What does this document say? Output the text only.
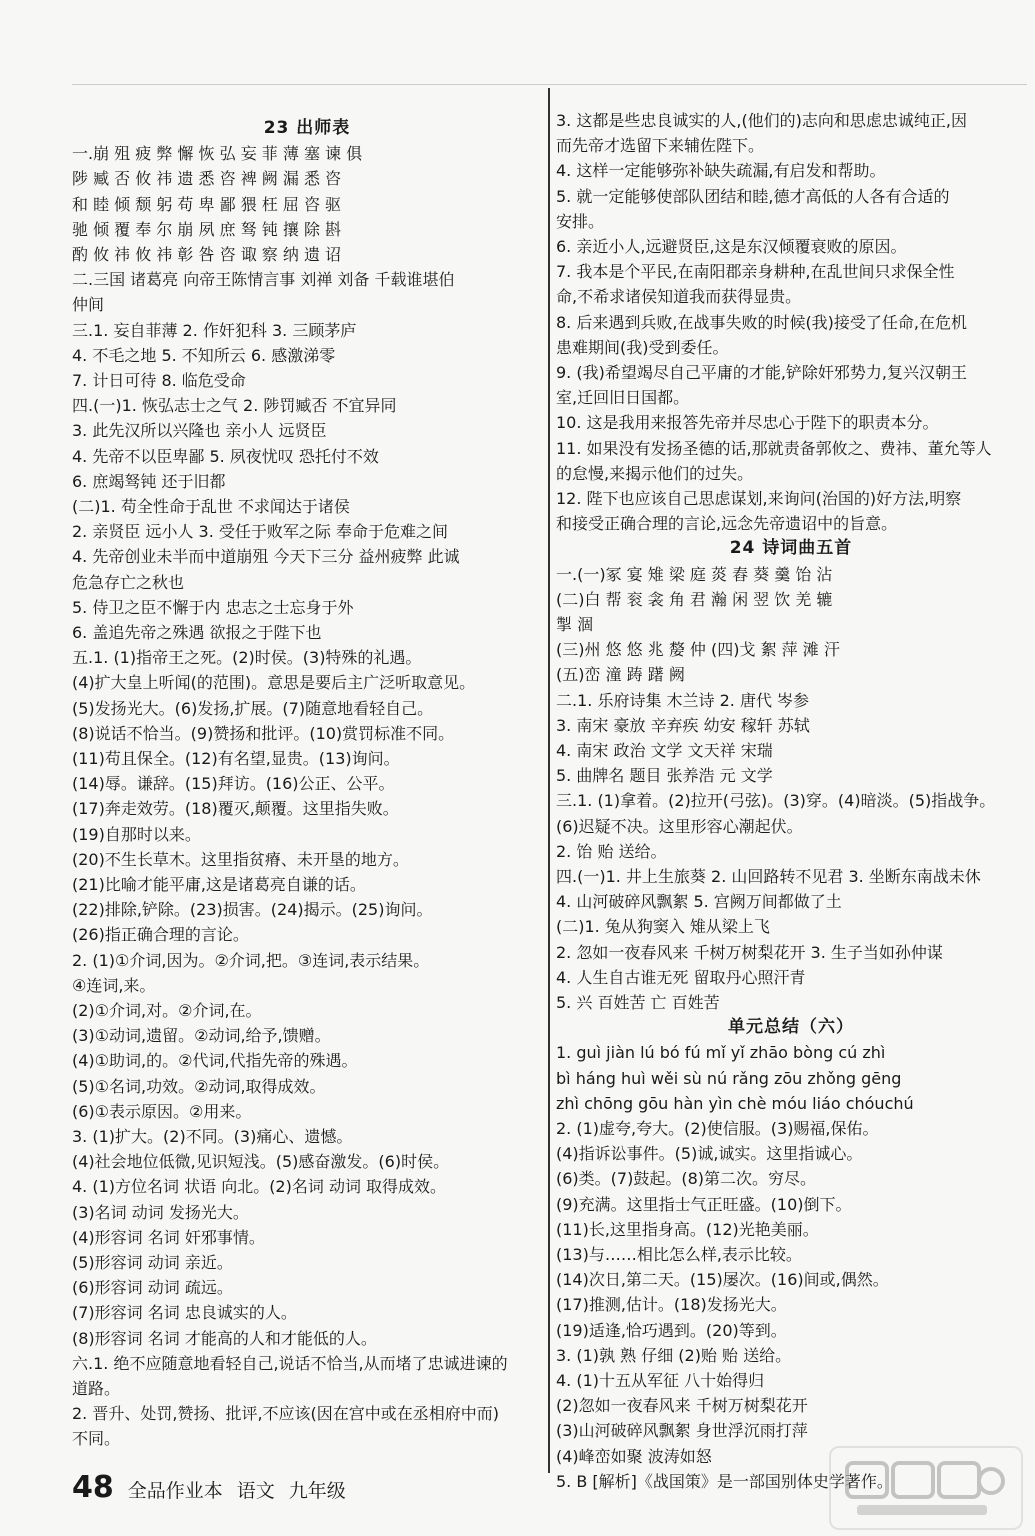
23 出师表
一.崩 殂 疲 弊 懈 恢 弘 妄 菲 薄 塞 谏 俱
陟 臧 否 攸 祎 遗 悉 咨 裨 阙 漏 悉 咨
和 睦 倾 颓 躬 苟 卑 鄙 猥 枉 屈 咨 驱
驰 倾 覆 奉 尔 崩 夙 庶 驽 钝 攘 除 斟
酌 攸 祎 攸 祎 彰 咎 咨 诹 察 纳 遗 诏
二.三国 诸葛亮 向帝王陈情言事 刘禅 刘备 千载谁堪伯
仲间
三.1. 妄自菲薄 2. 作奸犯科 3. 三顾茅庐
4. 不毛之地 5. 不知所云 6. 感激涕零
7. 计日可待 8. 临危受命
四.(一)1. 恢弘志士之气 2. 陟罚臧否 不宜异同
3. 此先汉所以兴隆也 亲小人 远贤臣
4. 先帝不以臣卑鄙 5. 夙夜忧叹 恐托付不效
6. 庶竭驽钝 还于旧都
(二)1. 苟全性命于乱世 不求闻达于诸侯
2. 亲贤臣 远小人 3. 受任于败军之际 奉命于危难之间
4. 先帝创业未半而中道崩殂 今天下三分 益州疲弊 此诚
危急存亡之秋也
5. 侍卫之臣不懈于内 忠志之士忘身于外
6. 盖追先帝之殊遇 欲报之于陛下也
五.1. (1)指帝王之死。(2)时侯。(3)特殊的礼遇。
(4)扩大皇上听闻(的范围)。意思是要后主广泛听取意见。
(5)发扬光大。(6)发扬,扩展。(7)随意地看轻自己。
(8)说话不恰当。(9)赞扬和批评。(10)赏罚标准不同。
(11)苟且保全。(12)有名望,显贵。(13)询问。
(14)辱。谦辞。(15)拜访。(16)公正、公平。
(17)奔走效劳。(18)覆灭,颠覆。这里指失败。
(19)自那时以来。
(20)不生长草木。这里指贫瘠、未开垦的地方。
(21)比喻才能平庸,这是诸葛亮自谦的话。
(22)排除,铲除。(23)损害。(24)揭示。(25)询问。
(26)指正确合理的言论。
2. (1)①介词,因为。②介词,把。③连词,表示结果。
④连词,来。
(2)①介词,对。②介词,在。
(3)①动词,遗留。②动词,给予,馈赠。
(4)①助词,的。②代词,代指先帝的殊遇。
(5)①名词,功效。②动词,取得成效。
(6)①表示原因。②用来。
3. (1)扩大。(2)不同。(3)痛心、遗憾。
(4)社会地位低微,见识短浅。(5)感奋激发。(6)时侯。
4. (1)方位名词 状语 向北。(2)名词 动词 取得成效。
(3)名词 动词 发扬光大。
(4)形容词 名词 奸邪事情。
(5)形容词 动词 亲近。
(6)形容词 动词 疏远。
(7)形容词 名词 忠良诚实的人。
(8)形容词 名词 才能高的人和才能低的人。
六.1. 绝不应随意地看轻自己,说话不恰当,从而堵了忠诚进谏的
道路。
2. 晋升、处罚,赞扬、批评,不应该(因在宫中或在丞相府中而)
不同。
3. 这都是些忠良诚实的人,(他们的)志向和思虑忠诚纯正,因
而先帝才选留下来辅佐陛下。
4. 这样一定能够弥补缺失疏漏,有启发和帮助。
5. 就一定能够使部队团结和睦,德才高低的人各有合适的
安排。
6. 亲近小人,远避贤臣,这是东汉倾覆衰败的原因。
7. 我本是个平民,在南阳郡亲身耕种,在乱世间只求保全性
命,不希求诸侯知道我而获得显贵。
8. 后来遇到兵败,在战事失败的时候(我)接受了任命,在危机
患难期间(我)受到委任。
9. (我)希望竭尽自己平庸的才能,铲除奸邪势力,复兴汉朝王
室,迁回旧日国都。
10. 这是我用来报答先帝并尽忠心于陛下的职责本分。
11. 如果没有发扬圣德的话,那就责备郭攸之、费祎、董允等人
的怠慢,来揭示他们的过失。
12. 陛下也应该自己思虑谋划,来询问(治国的)好方法,明察
和接受正确合理的言论,远念先帝遗诏中的旨意。
24 诗词曲五首
一.(一)冢 宴 雉 梁 庭 菼 舂 葵 羹 饴 沾
(二)白 帮 衮 衾 角 君 瀚 闲 翌 饮 羌 辘
掣 涸
(三)州 悠 悠 兆 嫠 仲 (四)戈 絮 萍 滩 汗
(五)峦 潼 踌 躇 阙
二.1. 乐府诗集 木兰诗 2. 唐代 岑参
3. 南宋 豪放 辛弃疾 幼安 稼轩 苏轼
4. 南宋 政治 文学 文天祥 宋瑞
5. 曲牌名 题目 张养浩 元 文学
三.1. (1)拿着。(2)拉开(弓弦)。(3)穿。(4)暗淡。(5)指战争。
(6)迟疑不决。这里形容心潮起伏。
2. 饴 贻 送给。
四.(一)1. 井上生旅葵 2. 山回路转不见君 3. 坐断东南战未休
4. 山河破碎风飘絮 5. 宫阙万间都做了土
(二)1. 兔从狗窦入 雉从梁上飞
2. 忽如一夜春风来 千树万树梨花开 3. 生子当如孙仲谋
4. 人生自古谁无死 留取丹心照汗青
5. 兴 百姓苦 亡 百姓苦
单元总结（六）
1. guì jiàn lú bó fú mǐ yǐ zhāo bòng cú zhì
bì háng huì wěi sù nú rǎng zōu zhǒng gēng
zhì chōng gōu hàn yìn chè móu liáo chóuchú
2. (1)虚夸,夸大。(2)使信服。(3)赐福,保佑。
(4)指诉讼事件。(5)诚,诚实。这里指诚心。
(6)类。(7)鼓起。(8)第二次。穷尽。
(9)充满。这里指士气正旺盛。(10)倒下。
(11)长,这里指身高。(12)光艳美丽。
(13)与……相比怎么样,表示比较。
(14)次日,第二天。(15)屡次。(16)间或,偶然。
(17)推测,估计。(18)发扬光大。
(19)适逢,恰巧遇到。(20)等到。
3. (1)孰 熟 仔细 (2)贻 贻 送给。
4. (1)十五从军征 八十始得归
(2)忽如一夜春风来 千树万树梨花开
(3)山河破碎风飘絮 身世浮沉雨打萍
(4)峰峦如聚 波涛如怒
5. B [解析]《战国策》是一部国别体史学著作。
48 全品作业本 语文 九年级
